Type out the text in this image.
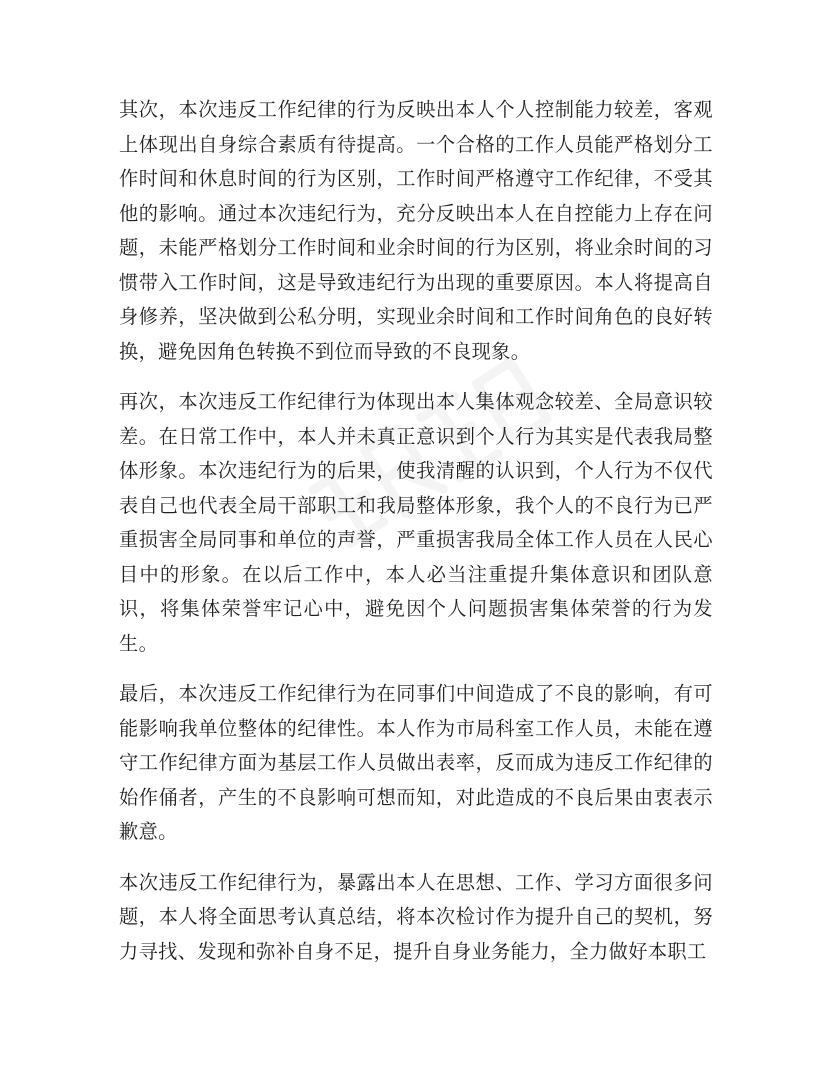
其次，本次违反工作纪律的行为反映出本人个人控制能力较差，客观上体现出自身综合素质有待提高。一个合格的工作人员能严格划分工作时间和休息时间的行为区别，工作时间严格遵守工作纪律，不受其他的影响。通过本次违纪行为，充分反映出本人在自控能力上存在问题，未能严格划分工作时间和业余时间的行为区别，将业余时间的习惯带入工作时间，这是导致违纪行为出现的重要原因。本人将提高自身修养，坚决做到公私分明，实现业余时间和工作时间角色的良好转换，避免因角色转换不到位而导致的不良现象。

再次，本次违反工作纪律行为体现出本人集体观念较差、全局意识较差。在日常工作中，本人并未真正意识到个人行为其实是代表我局整体形象。本次违纪行为的后果，使我清醒的认识到，个人行为不仅代表自己也代表全局干部职工和我局整体形象，我个人的不良行为已严重损害全局同事和单位的声誉，严重损害我局全体工作人员在人民心目中的形象。在以后工作中，本人必当注重提升集体意识和团队意识，将集体荣誉牢记心中，避免因个人问题损害集体荣誉的行为发生。

最后，本次违反工作纪律行为在同事们中间造成了不良的影响，有可能影响我单位整体的纪律性。本人作为市局科室工作人员，未能在遵守工作纪律方面为基层工作人员做出表率，反而成为违反工作纪律的始作俑者，产生的不良影响可想而知，对此造成的不良后果由衷表示歉意。

本次违反工作纪律行为，暴露出本人在思想、工作、学习方面很多问题，本人将全面思考认真总结，将本次检讨作为提升自己的契机，努力寻找、发现和弥补自身不足，提升自身业务能力，全力做好本职工
